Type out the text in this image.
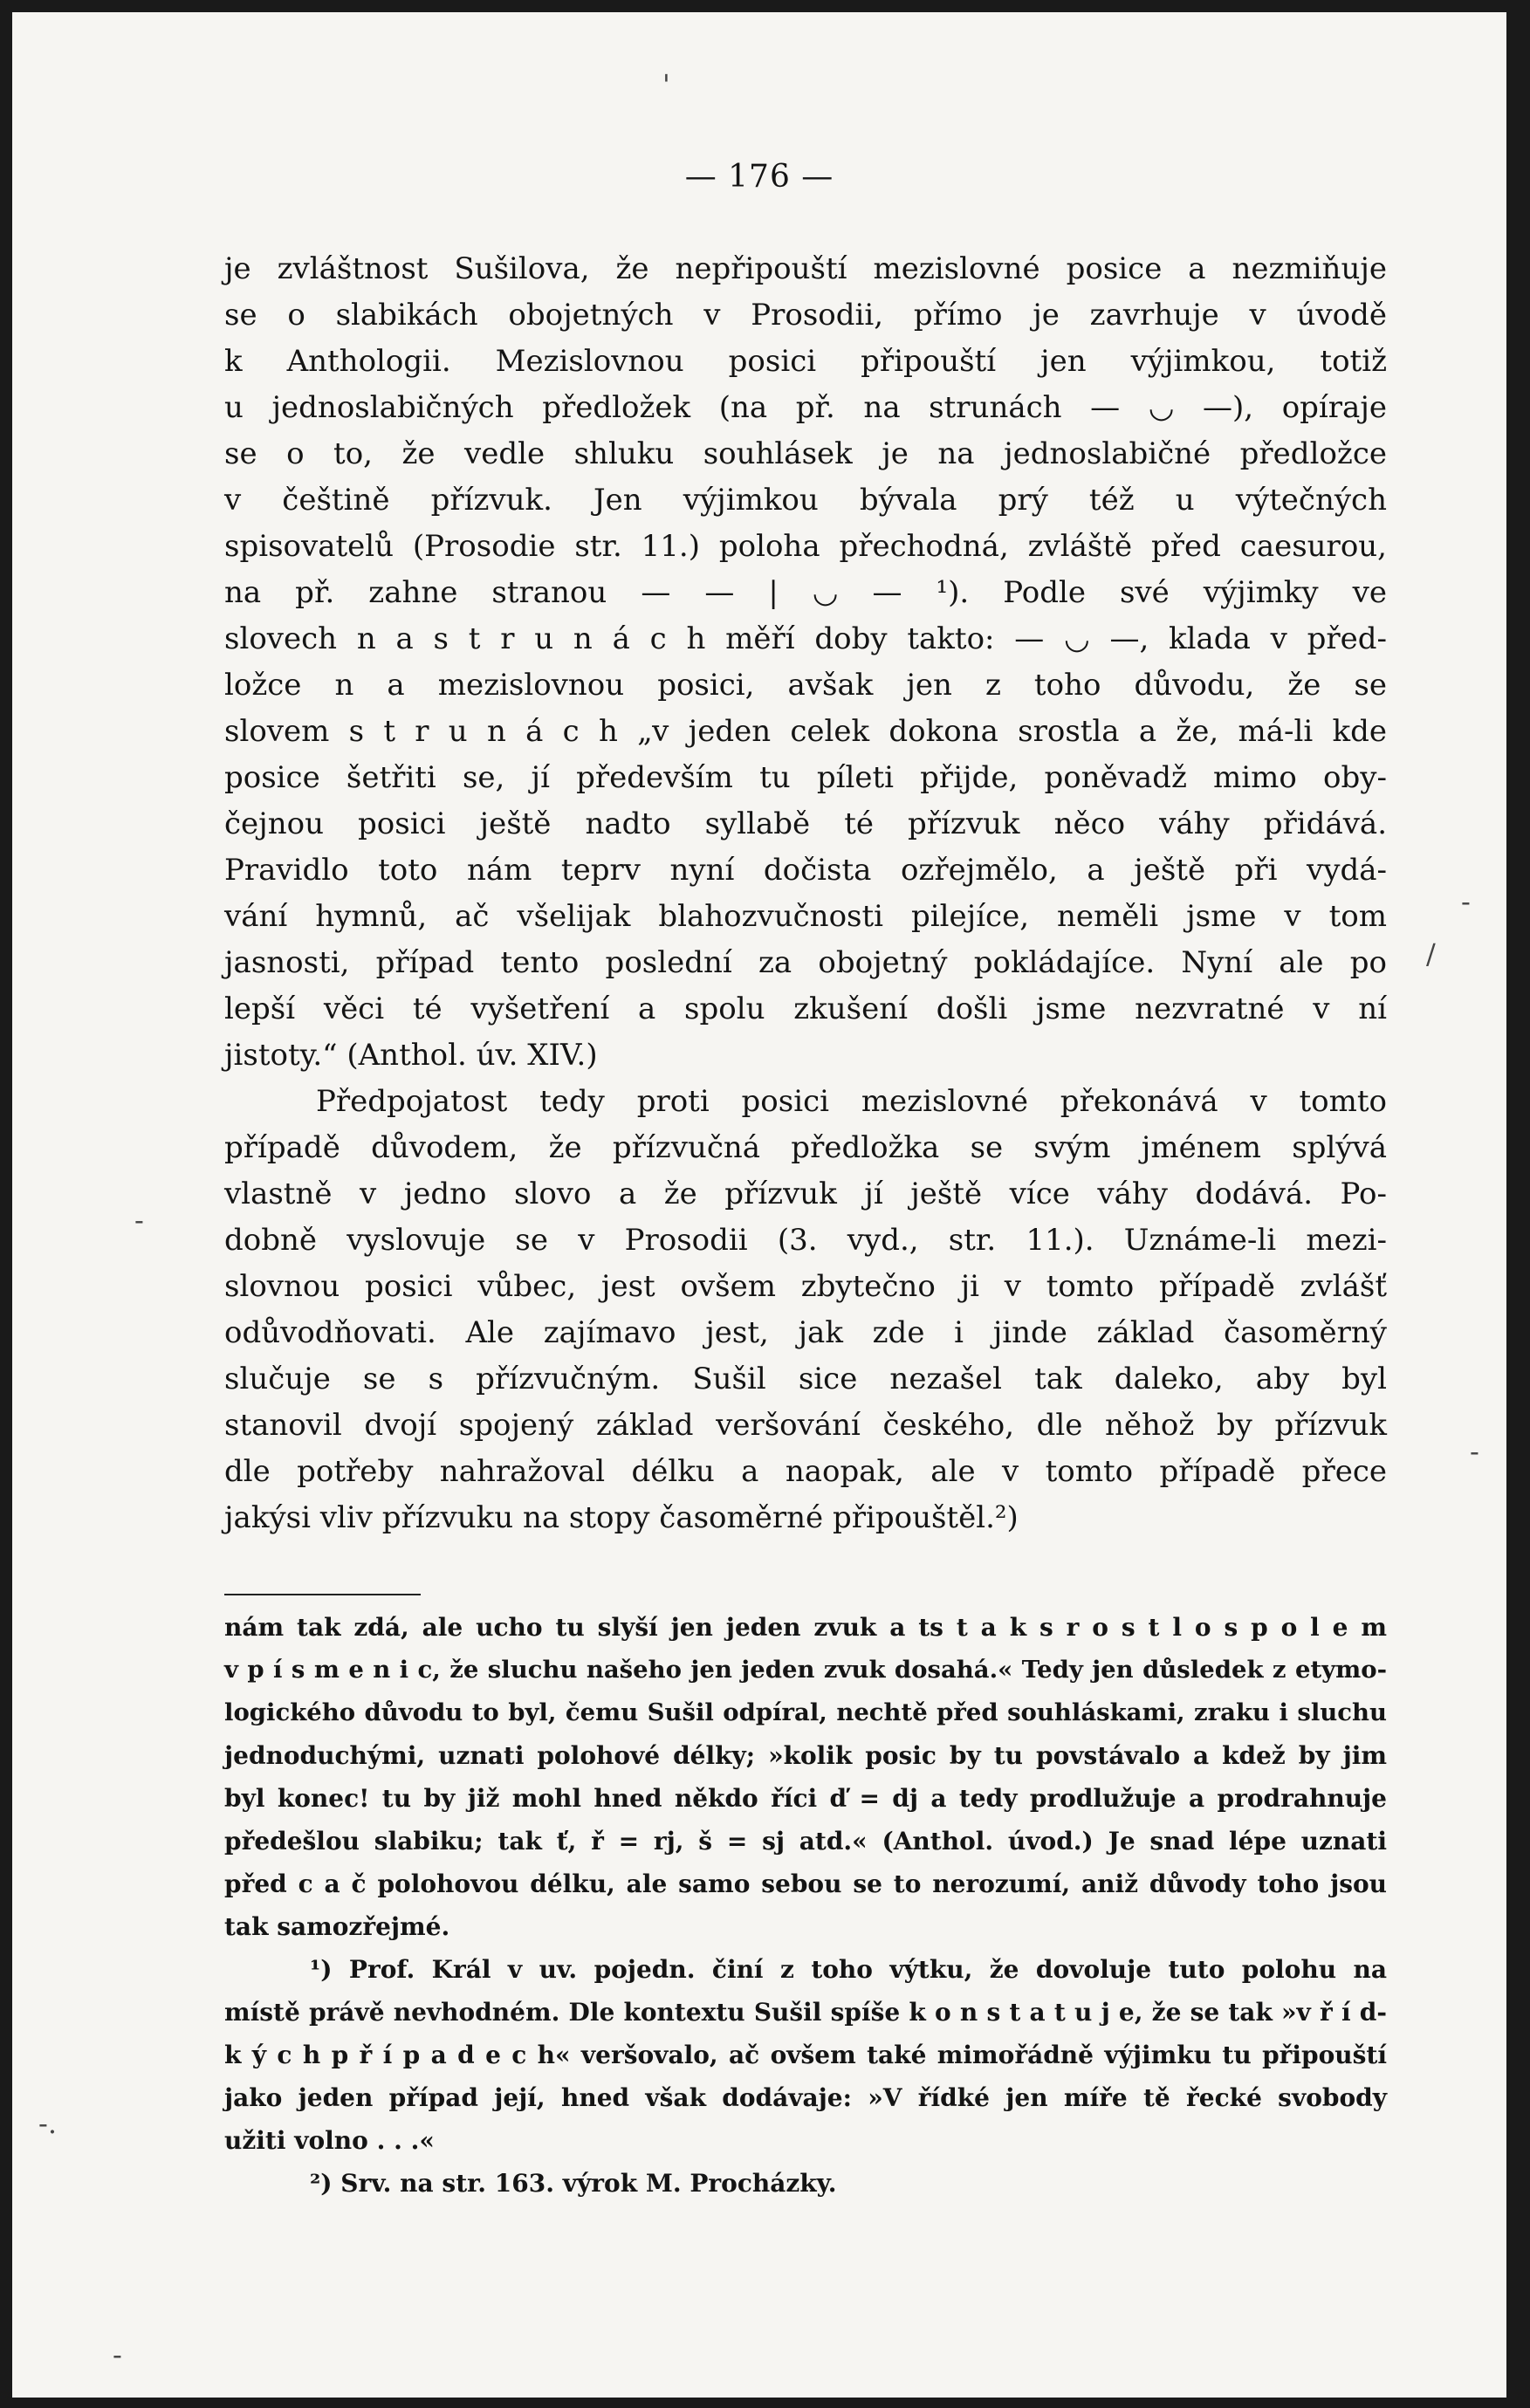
— 176 —
je zvláštnost Sušilova, že nepřipouští mezislovné posice a nezmiňuje
se o slabikách obojetných v Prosodii, přímo je zavrhuje v úvodě
k Anthologii. Mezislovnou posici připouští jen výjimkou, totiž
u jednoslabičných předložek (na př. na strunách — ◡ —), opíraje
se o to, že vedle shluku souhlásek je na jednoslabičné předložce
v češtině přízvuk. Jen výjimkou bývala prý též u výtečných
spisovatelů (Prosodie str. 11.) poloha přechodná, zvláště před caesurou,
na př. zahne stranou — — | ◡ — ¹). Podle své výjimky ve
slovech n a s t r u n á c h měří doby takto: — ◡ —, klada v před-
ložce n a mezislovnou posici, avšak jen z toho důvodu, že se
slovem s t r u n á c h „v jeden celek dokona srostla a že, má-li kde
posice šetřiti se, jí především tu píleti přijde, poněvadž mimo oby-
čejnou posici ještě nadto syllabě té přízvuk něco váhy přidává.
Pravidlo toto nám teprv nyní dočista ozřejmělo, a ještě při vydá-
vání hymnů, ač všelijak blahozvučnosti pilejíce, neměli jsme v tom
jasnosti, případ tento poslední za obojetný pokládajíce. Nyní ale po
lepší věci té vyšetření a spolu zkušení došli jsme nezvratné v ní
jistoty.“ (Anthol. úv. XIV.)
Předpojatost tedy proti posici mezislovné překonává v tomto
případě důvodem, že přízvučná předložka se svým jménem splývá
vlastně v jedno slovo a že přízvuk jí ještě více váhy dodává. Po-
dobně vyslovuje se v Prosodii (3. vyd., str. 11.). Uznáme-li mezi-
slovnou posici vůbec, jest ovšem zbytečno ji v tomto případě zvlášť
odůvodňovati. Ale zajímavo jest, jak zde i jinde základ časoměrný
slučuje se s přízvučným. Sušil sice nezašel tak daleko, aby byl
stanovil dvojí spojený základ veršování českého, dle něhož by přízvuk
dle potřeby nahražoval délku a naopak, ale v tomto případě přece
jakýsi vliv přízvuku na stopy časoměrné připouštěl.²)
nám tak zdá, ale ucho tu slyší jen jeden zvuk a ts t a k s r o s t l o s p o l e m
v p í s m e n i c, že sluchu našeho jen jeden zvuk dosahá.« Tedy jen důsledek z etymo-
logického důvodu to byl, čemu Sušil odpíral, nechtě před souhláskami, zraku i sluchu
jednoduchými, uznati polohové délky; »kolik posic by tu povstávalo a kdež by jim
byl konec! tu by již mohl hned někdo říci ď = dj a tedy prodlužuje a prodrahnuje
předešlou slabiku; tak ť, ř = rj, š = sj atd.« (Anthol. úvod.) Je snad lépe uznati
před c a č polohovou délku, ale samo sebou se to nerozumí, aniž důvody toho jsou
tak samozřejmé.
¹) Prof. Král v uv. pojedn. činí z toho výtku, že dovoluje tuto polohu na
místě právě nevhodném. Dle kontextu Sušil spíše k o n s t a t u j e, že se tak »v ř í d-
k ý c h p ř í p a d e c h« veršovalo, ač ovšem také mimořádně výjimku tu připouští
jako jeden případ její, hned však dodávaje: »V řídké jen míře tě řecké svobody
užiti volno . . .«
²) Srv. na str. 163. výrok M. Procházky.
'
-
-
/
-
-.
-
